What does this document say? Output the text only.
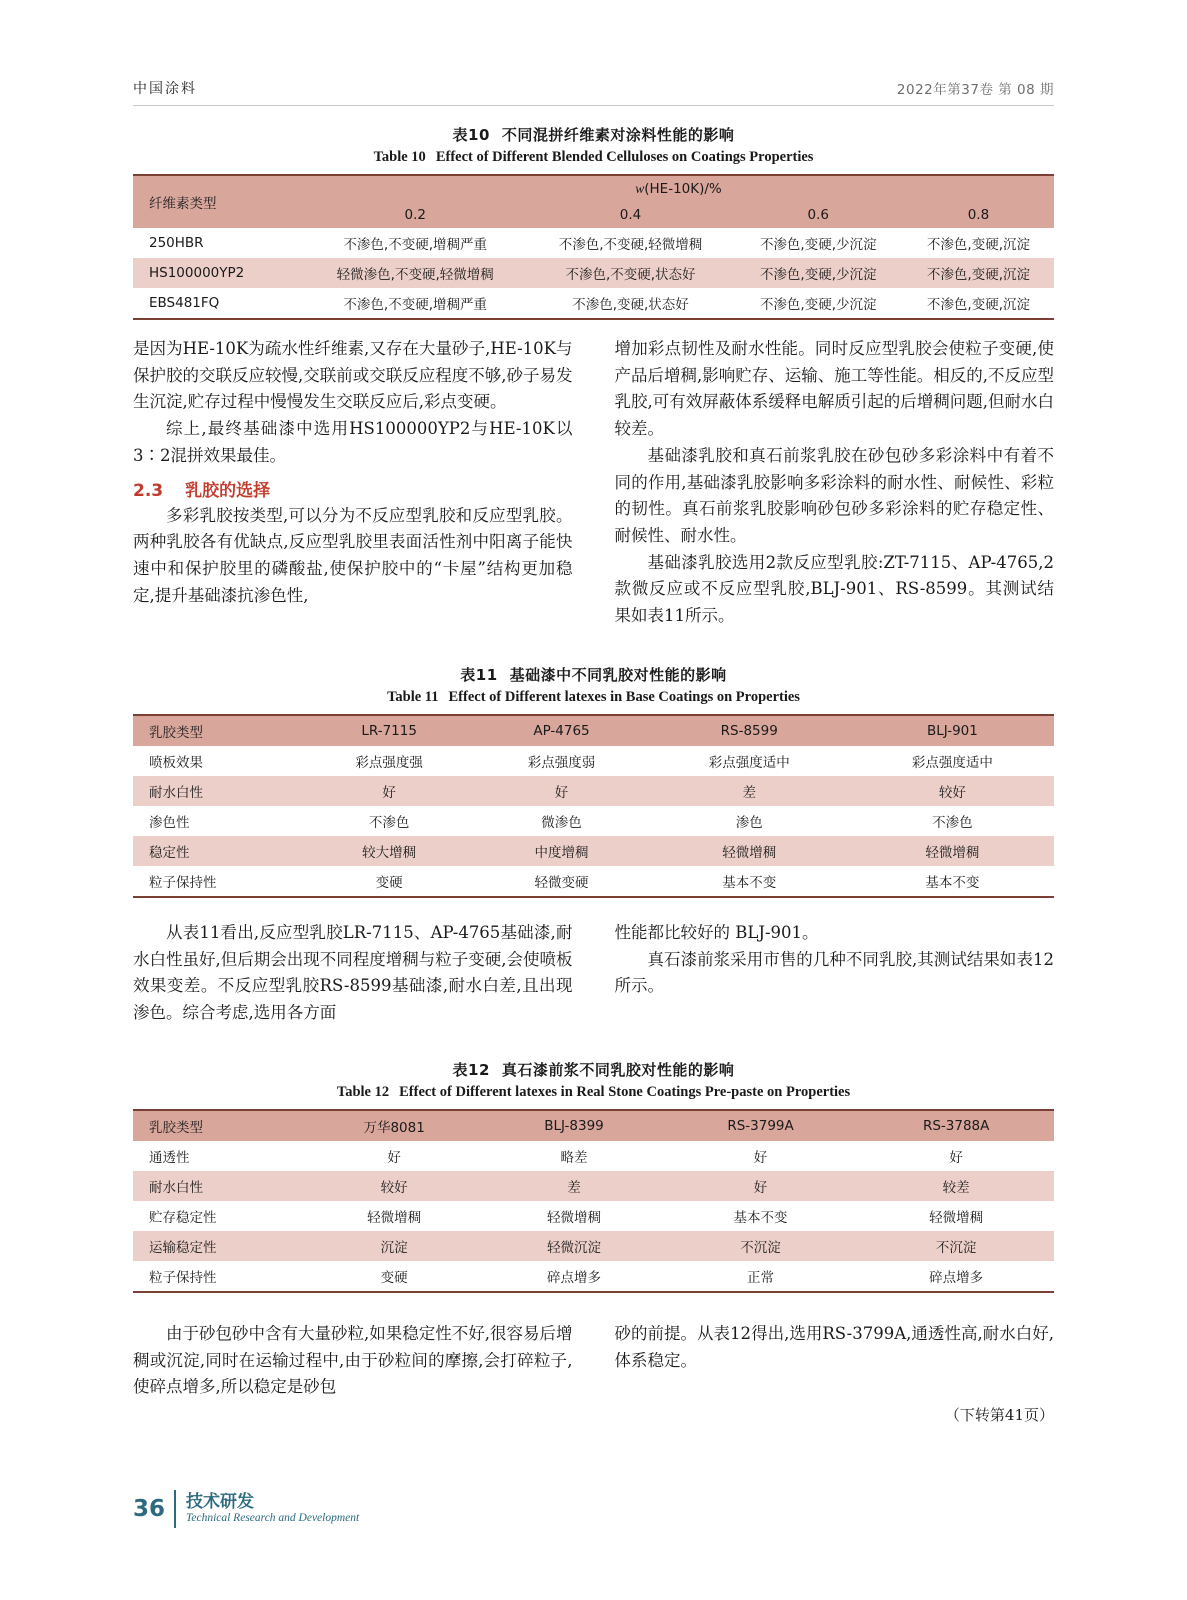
中国涂料	2022年第37卷 第 08 期
表10 不同混拼纤维素对涂料性能的影响
Table 10 Effect of Different Blended Celluloses on Coatings Properties
纤维素类型	w(HE-10K)/%			
	0.2	0.4	0.6	0.8
250HBR	不渗色,不变硬,增稠严重	不渗色,不变硬,轻微增稠	不渗色,变硬,少沉淀	不渗色,变硬,沉淀
HS100000YP2	轻微渗色,不变硬,轻微增稠	不渗色,不变硬,状态好	不渗色,变硬,少沉淀	不渗色,变硬,沉淀
EBS481FQ	不渗色,不变硬,增稠严重	不渗色,变硬,状态好	不渗色,变硬,少沉淀	不渗色,变硬,沉淀

是因为HE-10K为疏水性纤维素,又存在大量砂子,HE-10K与保护胶的交联反应较慢,交联前或交联反应程度不够,砂子易发生沉淀,贮存过程中慢慢发生交联反应后,彩点变硬。

综上,最终基础漆中选用HS100000YP2与HE-10K以3∶2混拼效果最佳。

2.3 乳胶的选择

多彩乳胶按类型,可以分为不反应型乳胶和反应型乳胶。两种乳胶各有优缺点,反应型乳胶里表面活性剂中阳离子能快速中和保护胶里的磷酸盐,使保护胶中的“卡屋”结构更加稳定,提升基础漆抗渗色性,

增加彩点韧性及耐水性能。同时反应型乳胶会使粒子变硬,使产品后增稠,影响贮存、运输、施工等性能。相反的,不反应型乳胶,可有效屏蔽体系缓释电解质引起的后增稠问题,但耐水白较差。

基础漆乳胶和真石前浆乳胶在砂包砂多彩涂料中有着不同的作用,基础漆乳胶影响多彩涂料的耐水性、耐候性、彩粒的韧性。真石前浆乳胶影响砂包砂多彩涂料的贮存稳定性、耐候性、耐水性。

基础漆乳胶选用2款反应型乳胶:ZT-7115、AP-4765,2款微反应或不反应型乳胶,BLJ-901、RS-8599。其测试结果如表11所示。

表11 基础漆中不同乳胶对性能的影响
Table 11 Effect of Different latexes in Base Coatings on Properties
乳胶类型	LR-7115	AP-4765	RS-8599	BLJ-901
喷板效果	彩点强度强	彩点强度弱	彩点强度适中	彩点强度适中
耐水白性	好	好	差	较好
渗色性	不渗色	微渗色	渗色	不渗色
稳定性	较大增稠	中度增稠	轻微增稠	轻微增稠
粒子保持性	变硬	轻微变硬	基本不变	基本不变

从表11看出,反应型乳胶LR-7115、AP-4765基础漆,耐水白性虽好,但后期会出现不同程度增稠与粒子变硬,会使喷板效果变差。不反应型乳胶RS-8599基础漆,耐水白差,且出现渗色。综合考虑,选用各方面

性能都比较好的 BLJ-901。

真石漆前浆采用市售的几种不同乳胶,其测试结果如表12所示。

表12 真石漆前浆不同乳胶对性能的影响
Table 12 Effect of Different latexes in Real Stone Coatings Pre-paste on Properties
乳胶类型	万华8081	BLJ-8399	RS-3799A	RS-3788A
通透性	好	略差	好	好
耐水白性	较好	差	好	较差
贮存稳定性	轻微增稠	轻微增稠	基本不变	轻微增稠
运输稳定性	沉淀	轻微沉淀	不沉淀	不沉淀
粒子保持性	变硬	碎点增多	正常	碎点增多

由于砂包砂中含有大量砂粒,如果稳定性不好,很容易后增稠或沉淀,同时在运输过程中,由于砂粒间的摩擦,会打碎粒子,使碎点增多,所以稳定是砂包

砂的前提。从表12得出,选用RS-3799A,通透性高,耐水白好,体系稳定。

（下转第41页）
36 技术研发
Technical Research and Development
